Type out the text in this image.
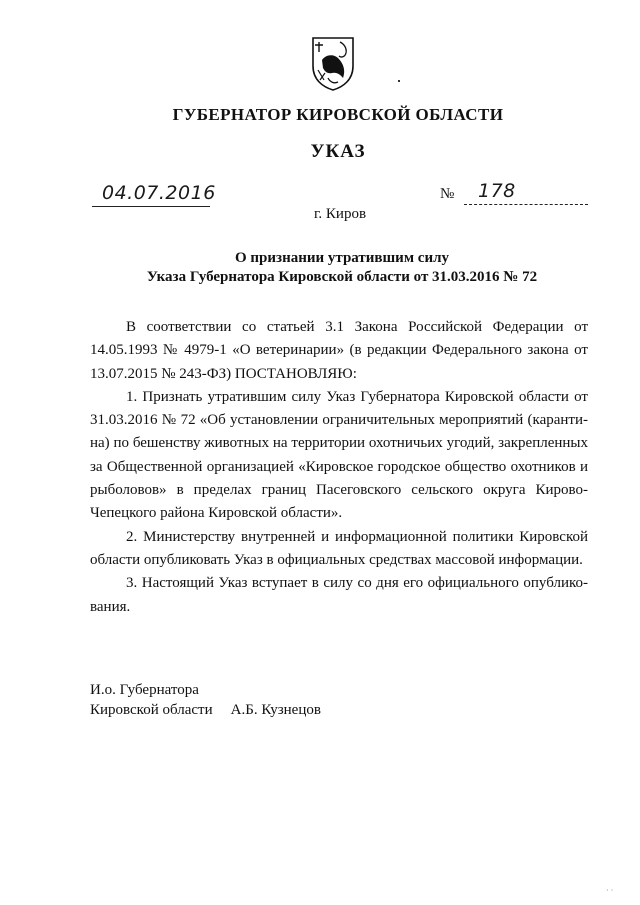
ГУБЕРНАТОР КИРОВСКОЙ ОБЛАСТИ
УКАЗ
04.07.2016	№ 178
г. Киров
О признании утратившим силу
Указа Губернатора Кировской области от 31.03.2016 № 72

В соответствии со статьей 3.1 Закона Российской Федерации от 14.05.1993 № 4979-1 «О ветеринарии» (в редакции Федерального закона от 13.07.2015 № 243-ФЗ) ПОСТАНОВЛЯЮ:

1. Признать утратившим силу Указ Губернатора Кировской области от 31.03.2016 № 72 «Об установлении ограничительных мероприятий (каранти-на) по бешенству животных на территории охотничьих угодий, закрепленных за Общественной организацией «Кировское городское общество охотников и рыболовов» в пределах границ Пасеговского сельского округа Кирово-Чепецкого района Кировской области».

2. Министерству внутренней и информационной политики Кировской области опубликовать Указ в официальных средствах массовой информации.

3. Настоящий Указ вступает в силу со дня его официального опублико-вания.

И.о. Губернатора
Кировской области А.Б. Кузнецов
· ·
